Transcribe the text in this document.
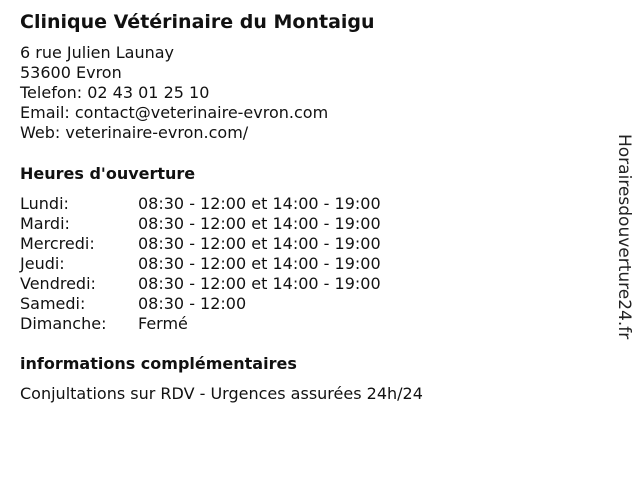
Clinique Vétérinaire du Montaigu
6 rue Julien Launay
53600 Evron
Telefon: 02 43 01 25 10
Email: contact@veterinaire-evron.com
Web: veterinaire-evron.com/
Heures d'ouverture
Lundi:	08:30 - 12:00 et 14:00 - 19:00
Mardi:	08:30 - 12:00 et 14:00 - 19:00
Mercredi:	08:30 - 12:00 et 14:00 - 19:00
Jeudi:	08:30 - 12:00 et 14:00 - 19:00
Vendredi:	08:30 - 12:00 et 14:00 - 19:00
Samedi:	08:30 - 12:00
Dimanche:	Fermé
informations complémentaires
Conjultations sur RDV - Urgences assurées 24h/24
Horairesdouverture24.fr
